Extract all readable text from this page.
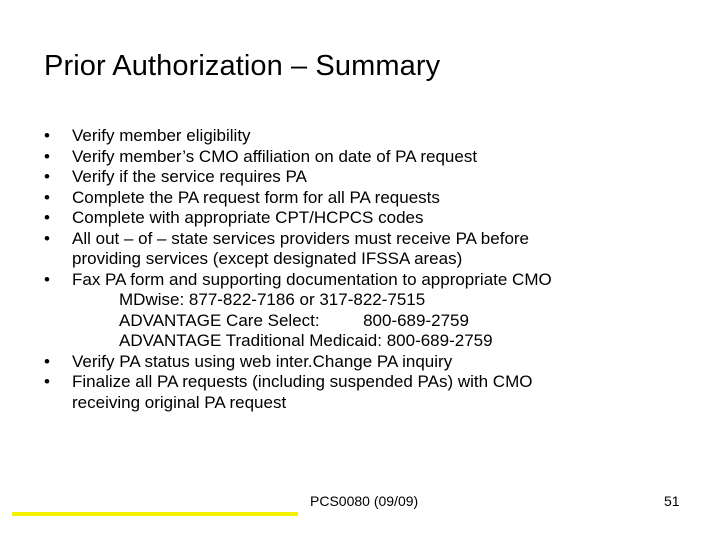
Prior Authorization – Summary
•	Verify member eligibility
•	Verify member’s CMO affiliation on date of PA request
•	Verify if the service requires PA
•	Complete the PA request form for all PA requests
•	Complete with appropriate CPT/HCPCS codes
•	All out – of – state services providers must receive PA before
providing services (except designated IFSSA areas)
•	Fax PA form and supporting documentation to appropriate CMO
MDwise: 877-822-7186 or 317-822-7515
ADVANTAGE Care Select:	800-689-2759
ADVANTAGE Traditional Medicaid: 800-689-2759
•	Verify PA status using web inter.Change PA inquiry
•	Finalize all PA requests (including suspended PAs) with CMO
receiving original PA request
PCS0080 (09/09)	51
